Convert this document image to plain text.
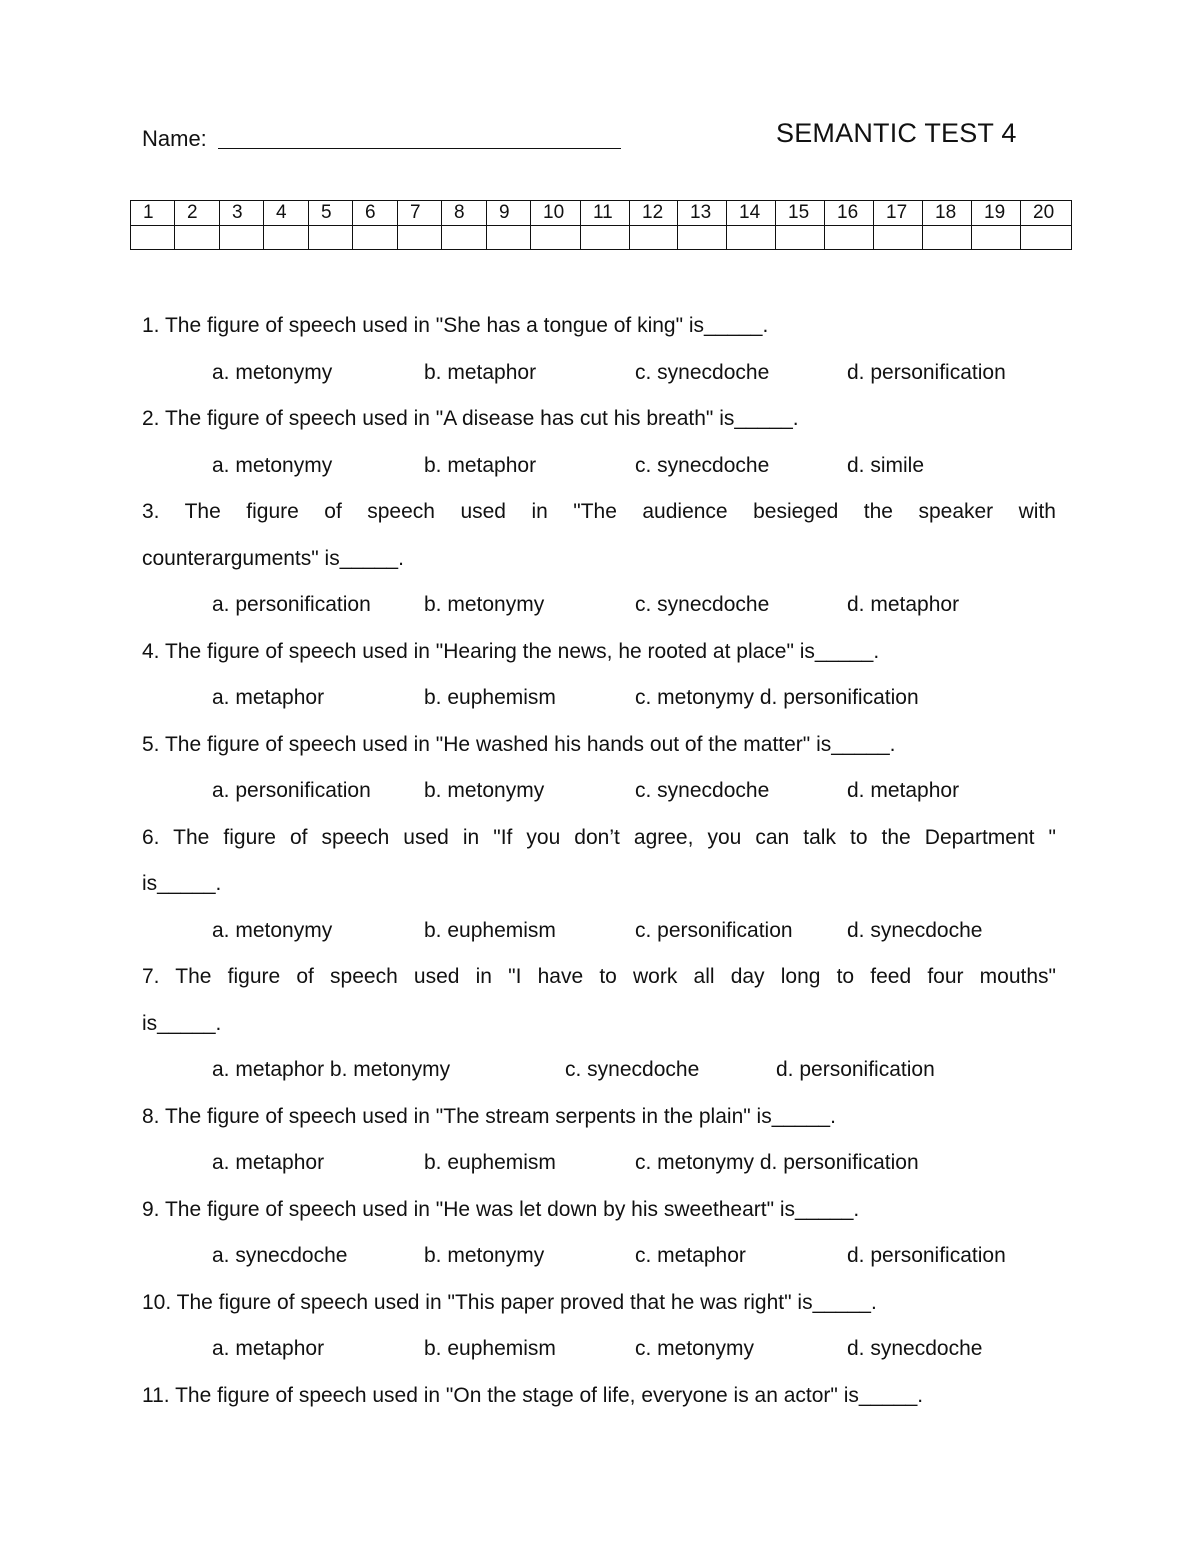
Name:	SEMANTIC TEST 4
1	2	3	4	5	6	7	8	9	10	11	12	13	14	15	16	17	18	19	20

1. The figure of speech used in "She has a tongue of king" is_____.
a. metonymy	b. metaphor	c. synecdoche	d. personification
2. The figure of speech used in "A disease has cut his breath" is_____.
a. metonymy	b. metaphor	c. synecdoche	d. simile
3. The figure of speech used in "The audience besieged the speaker with
counterarguments" is_____.
a. personification	b. metonymy	c. synecdoche	d. metaphor
4. The figure of speech used in "Hearing the news, he rooted at place" is_____.
a. metaphor	b. euphemism	c. metonymy d. personification
5. The figure of speech used in "He washed his hands out of the matter" is_____.
a. personification	b. metonymy	c. synecdoche	d. metaphor
6. The figure of speech used in "If you don’t agree, you can talk to the Department "
is_____.
a. metonymy	b. euphemism	c. personification	d. synecdoche
7. The figure of speech used in "I have to work all day long to feed four mouths"
is_____.
a. metaphor b. metonymy	c. synecdoche	d. personification
8. The figure of speech used in "The stream serpents in the plain" is_____.
a. metaphor	b. euphemism	c. metonymy d. personification
9. The figure of speech used in "He was let down by his sweetheart" is_____.
a. synecdoche	b. metonymy	c. metaphor	d. personification
10. The figure of speech used in "This paper proved that he was right" is_____.
a. metaphor	b. euphemism	c. metonymy	d. synecdoche
11. The figure of speech used in "On the stage of life, everyone is an actor" is_____.
